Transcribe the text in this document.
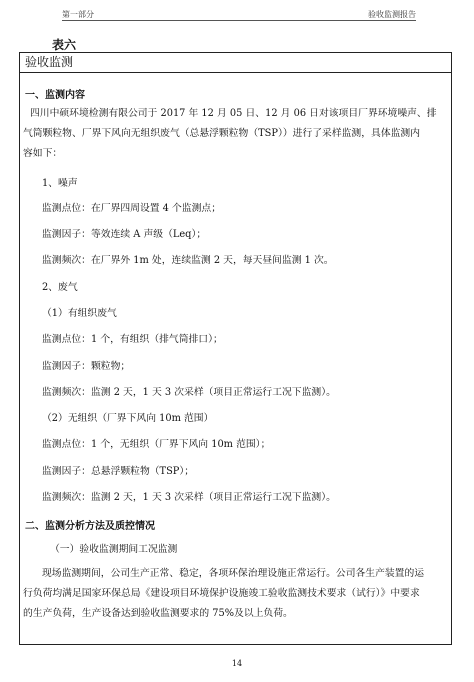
第一部分	验收监测报告
表六
验收监测
一、监测内容
四川中硕环境检测有限公司于 2017 年 12 月 05 日、12 月 06 日对该项目厂界环境噪声、排
气筒颗粒物、厂界下风向无组织废气（总悬浮颗粒物（TSP））进行了采样监测，具体监测内
容如下：
1、噪声
监测点位：在厂界四周设置 4 个监测点；
监测因子：等效连续 A 声级（Leq）；
监测频次：在厂界外 1m 处，连续监测 2 天，每天昼间监测 1 次。
2、废气
（1）有组织废气
监测点位：1 个，有组织（排气筒排口）；
监测因子：颗粒物；
监测频次：监测 2 天，1 天 3 次采样（项目正常运行工况下监测）。
（2）无组织（厂界下风向 10m 范围）
监测点位：1 个，无组织（厂界下风向 10m 范围）；
监测因子：总悬浮颗粒物（TSP）；
监测频次：监测 2 天，1 天 3 次采样（项目正常运行工况下监测）。
二、监测分析方法及质控情况
（一）验收监测期间工况监测
现场监测期间，公司生产正常、稳定，各项环保治理设施正常运行。公司各生产装置的运
行负荷均满足国家环保总局《建设项目环境保护设施竣工验收监测技术要求（试行）》中要求
的生产负荷，生产设备达到验收监测要求的 75%及以上负荷。
14
